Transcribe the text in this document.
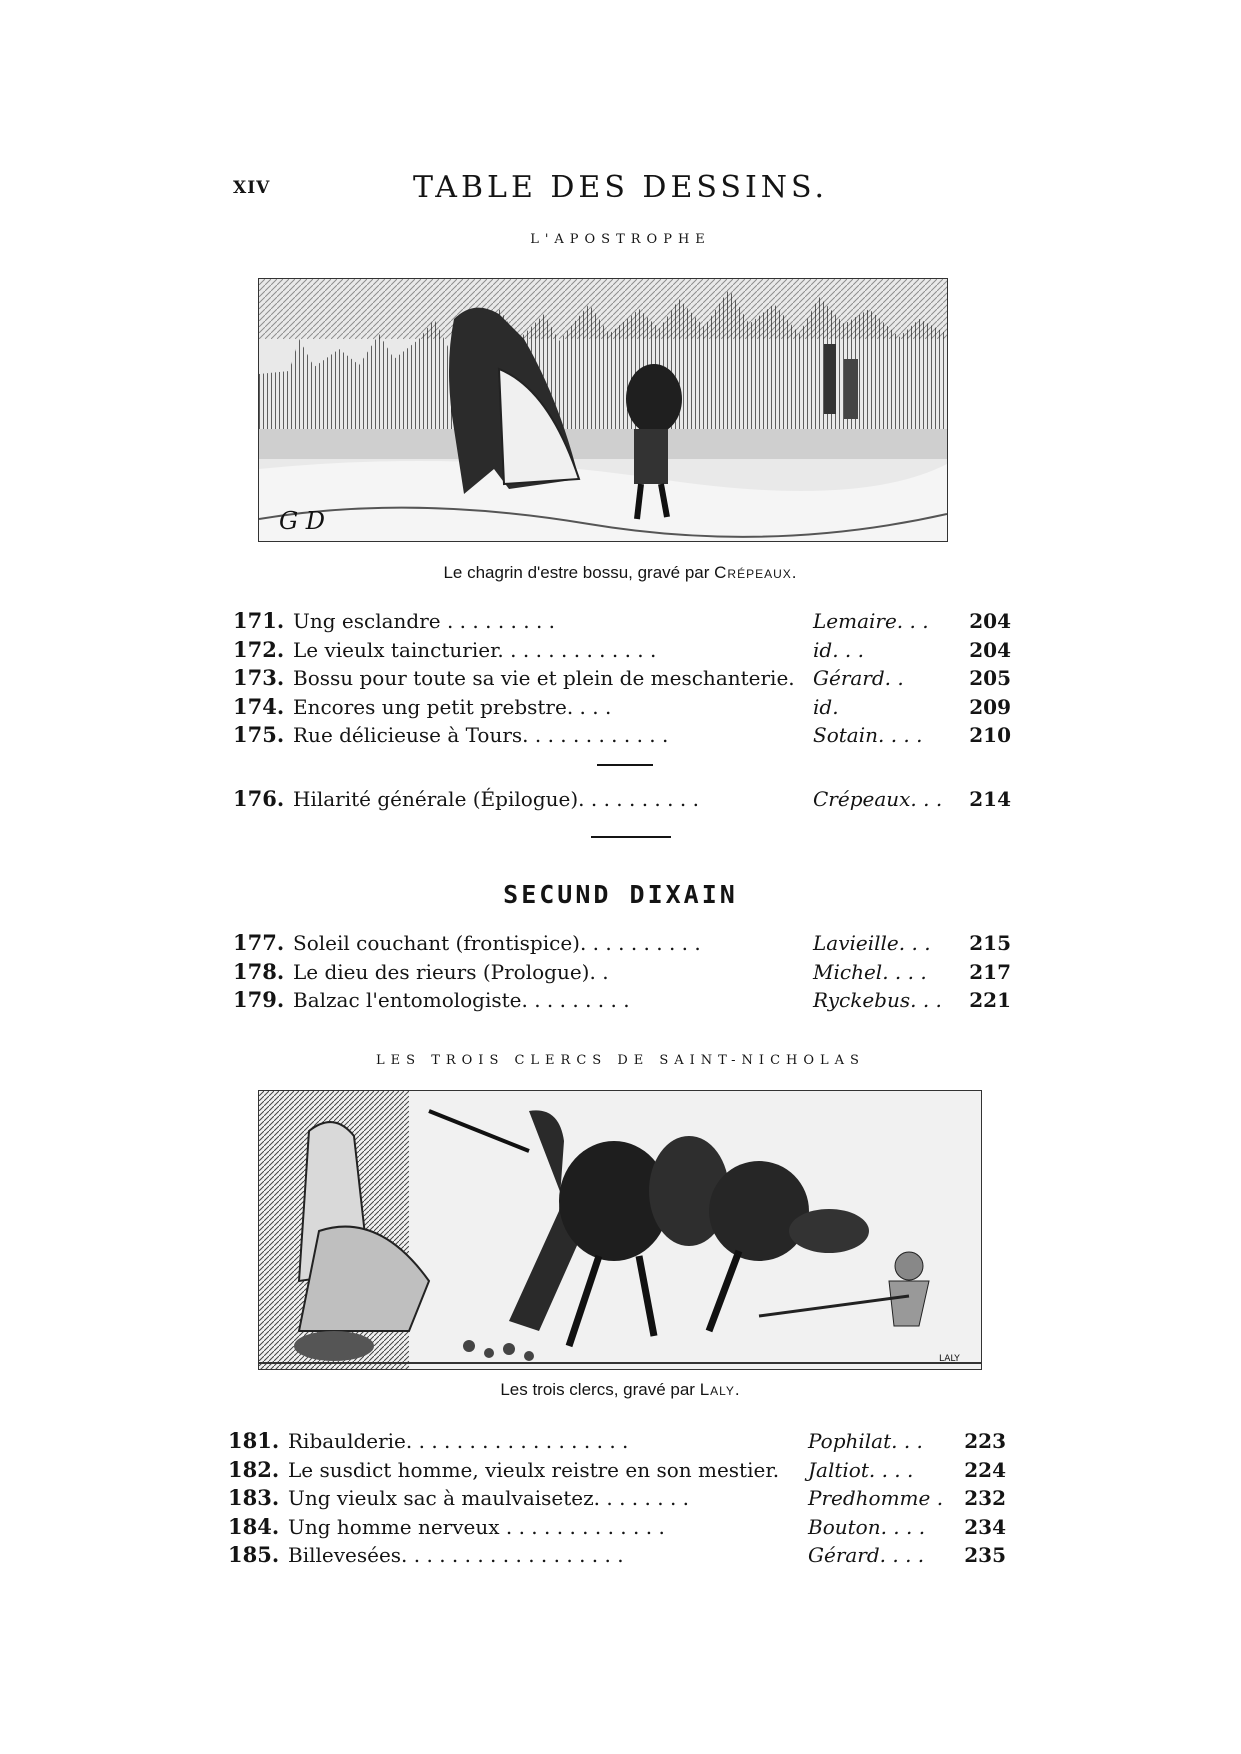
XIV	TABLE DES DESSINS.
L'APOSTROPHE
G D
Le chagrin d'estre bossu, gravé par Crépeaux.
171. Ung esclandre . . . . . . . . .	Lemaire. . .	204
172. Le vieulx taincturier. . . . . . . . . . . . .	id. . .	204
173. Bossu pour toute sa vie et plein de meschanterie. Gérard. .	205
174. Encores ung petit prebstre. . . .	id.	209
175. Rue délicieuse à Tours. . . . . . . . . . . .	Sotain. . . .	210
176. Hilarité générale (Épilogue). . . . . . . . . .	Crépeaux. . .	214
SECUND DIXAIN
177. Soleil couchant (frontispice). . . . . . . . . .	Lavieille. . .	215
178. Le dieu des rieurs (Prologue). .	Michel. . . .	217
179. Balzac l'entomologiste. . . . . . . . .	Ryckebus. . .	221
LES TROIS CLERCS DE SAINT-NICHOLAS
LALY
Les trois clercs, gravé par Laly.
181. Ribaulderie. . . . . . . . . . . . . . . . . .	Pophilat. . .	223
182. Le susdict homme, vieulx reistre en son mestier.	Jaltiot. . . .	224
183. Ung vieulx sac à maulvaisetez. . . . . . . .	Predhomme .	232
184. Ung homme nerveux . . . . . . . . . . . . .	Bouton. . . .	234
185. Billevesées. . . . . . . . . . . . . . . . . .	Gérard. . . .	235
